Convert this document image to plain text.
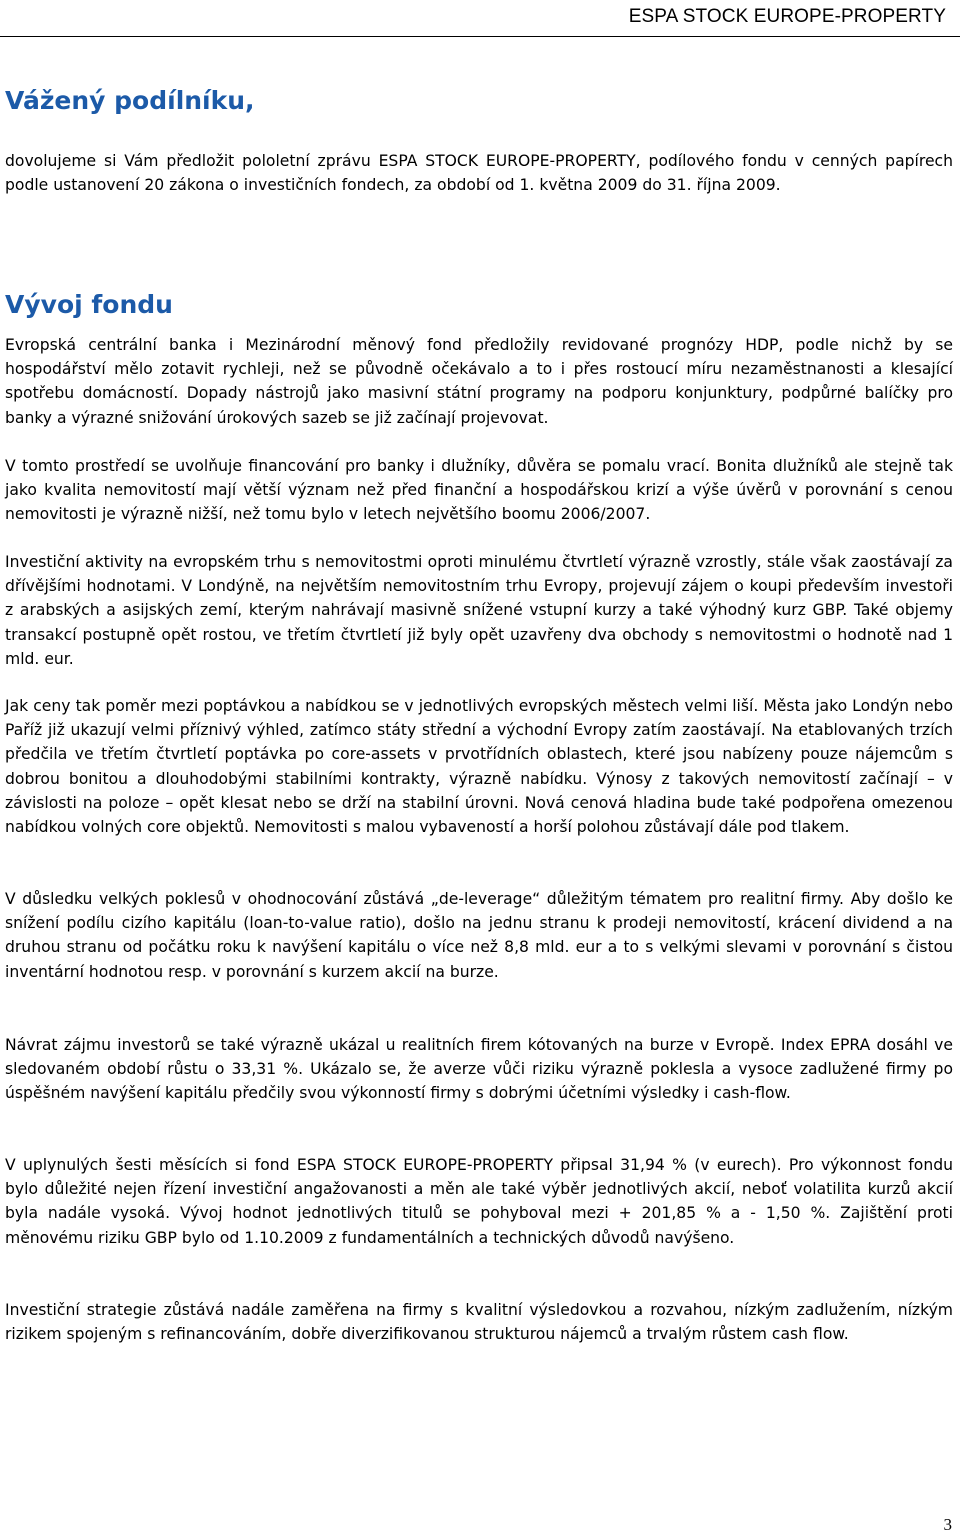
ESPA STOCK EUROPE-PROPERTY
Vážený podílníku,

dovolujeme si Vám předložit pololetní zprávu ESPA STOCK EUROPE-PROPERTY, podílového fondu v cenných papírech podle ustanovení 20 zákona o investičních fondech, za období od 1. května 2009 do 31. října 2009.

Vývoj fondu

Evropská centrální banka i Mezinárodní měnový fond předložily revidované prognózy HDP, podle nichž by se hospodářství mělo zotavit rychleji, než se původně očekávalo a to i přes rostoucí míru nezaměstnanosti a klesající spotřebu domácností. Dopady nástrojů jako masivní státní programy na podporu konjunktury, podpůrné balíčky pro banky a výrazné snižování úrokových sazeb se již začínají projevovat.

V tomto prostředí se uvolňuje financování pro banky i dlužníky, důvěra se pomalu vrací. Bonita dlužníků ale stejně tak jako kvalita nemovitostí mají větší význam než před finanční a hospodářskou krizí a výše úvěrů v porovnání s cenou nemovitosti je výrazně nižší, než tomu bylo v letech největšího boomu 2006/2007.

Investiční aktivity na evropském trhu s nemovitostmi oproti minulému čtvrtletí výrazně vzrostly, stále však zaostávají za dřívějšími hodnotami. V Londýně, na největším nemovitostním trhu Evropy, projevují zájem o koupi především investoři z arabských a asijských zemí, kterým nahrávají masivně snížené vstupní kurzy a také výhodný kurz GBP. Také objemy transakcí postupně opět rostou, ve třetím čtvrtletí již byly opět uzavřeny dva obchody s nemovitostmi o hodnotě nad 1 mld. eur.

Jak ceny tak poměr mezi poptávkou a nabídkou se v jednotlivých evropských městech velmi liší. Města jako Londýn nebo Paříž již ukazují velmi příznivý výhled, zatímco státy střední a východní Evropy zatím zaostávají. Na etablovaných trzích předčila ve třetím čtvrtletí poptávka po core-assets v prvotřídních oblastech, které jsou nabízeny pouze nájemcům s dobrou bonitou a dlouhodobými stabilními kontrakty, výrazně nabídku. Výnosy z takových nemovitostí začínají – v závislosti na poloze – opět klesat nebo se drží na stabilní úrovni. Nová cenová hladina bude také podpořena omezenou nabídkou volných core objektů. Nemovitosti s malou vybaveností a horší polohou zůstávají dále pod tlakem.

V důsledku velkých poklesů v ohodnocování zůstává „de-leverage“ důležitým tématem pro realitní firmy. Aby došlo ke snížení podílu cizího kapitálu (loan-to-value ratio), došlo na jednu stranu k prodeji nemovitostí, krácení dividend a na druhou stranu od počátku roku k navýšení kapitálu o více než 8,8 mld. eur a to s velkými slevami v porovnání s čistou inventární hodnotou resp. v porovnání s kurzem akcií na burze.

Návrat zájmu investorů se také výrazně ukázal u realitních firem kótovaných na burze v Evropě. Index EPRA dosáhl ve sledovaném období růstu o 33,31 %. Ukázalo se, že averze vůči riziku výrazně poklesla a vysoce zadlužené firmy po úspěšném navýšení kapitálu předčily svou výkonností firmy s dobrými účetními výsledky i cash-flow.

V uplynulých šesti měsících si fond ESPA STOCK EUROPE-PROPERTY připsal 31,94 % (v eurech). Pro výkonnost fondu bylo důležité nejen řízení investiční angažovanosti a měn ale také výběr jednotlivých akcií, neboť volatilita kurzů akcií byla nadále vysoká. Vývoj hodnot jednotlivých titulů se pohyboval mezi + 201,85 % a - 1,50 %. Zajištění proti měnovému riziku GBP bylo od 1.10.2009 z fundamentálních a technických důvodů navýšeno.

Investiční strategie zůstává nadále zaměřena na firmy s kvalitní výsledovkou a rozvahou, nízkým zadlužením, nízkým rizikem spojeným s refinancováním, dobře diverzifikovanou strukturou nájemců a trvalým růstem cash flow.

3
